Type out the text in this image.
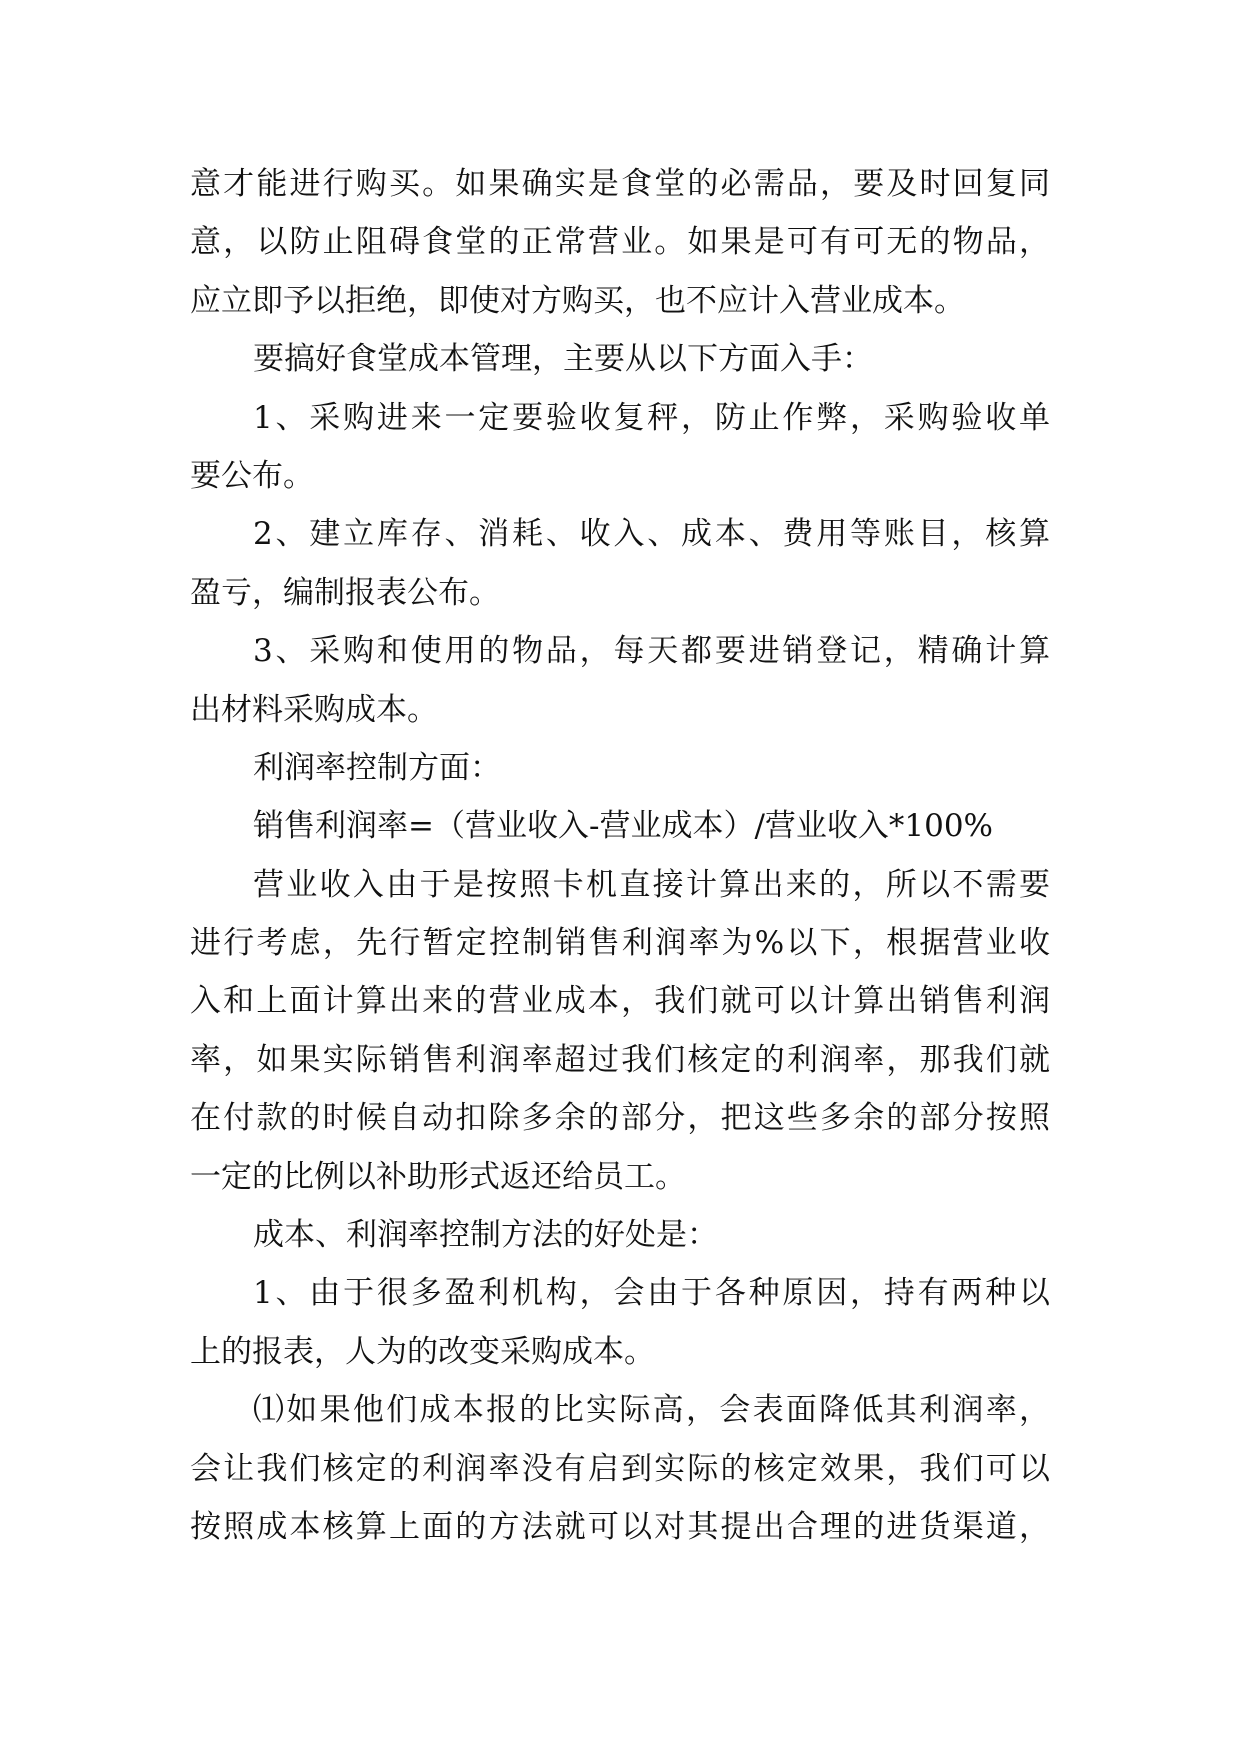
意才能进行购买。如果确实是食堂的必需品，要及时回复同
意，以防止阻碍食堂的正常营业。如果是可有可无的物品，
应立即予以拒绝，即使对方购买，也不应计入营业成本。
要搞好食堂成本管理，主要从以下方面入手：
1、采购进来一定要验收复秤，防止作弊，采购验收单
要公布。
2、建立库存、消耗、收入、成本、费用等账目，核算
盈亏，编制报表公布。
3、采购和使用的物品，每天都要进销登记，精确计算
出材料采购成本。
利润率控制方面：
销售利润率=（营业收入-营业成本）/营业收入*100%
营业收入由于是按照卡机直接计算出来的，所以不需要
进行考虑，先行暂定控制销售利润率为%以下，根据营业收
入和上面计算出来的营业成本，我们就可以计算出销售利润
率，如果实际销售利润率超过我们核定的利润率，那我们就
在付款的时候自动扣除多余的部分，把这些多余的部分按照
一定的比例以补助形式返还给员工。
成本、利润率控制方法的好处是：
1、由于很多盈利机构，会由于各种原因，持有两种以
上的报表，人为的改变采购成本。
⑴如果他们成本报的比实际高，会表面降低其利润率，
会让我们核定的利润率没有启到实际的核定效果，我们可以
按照成本核算上面的方法就可以对其提出合理的进货渠道，
